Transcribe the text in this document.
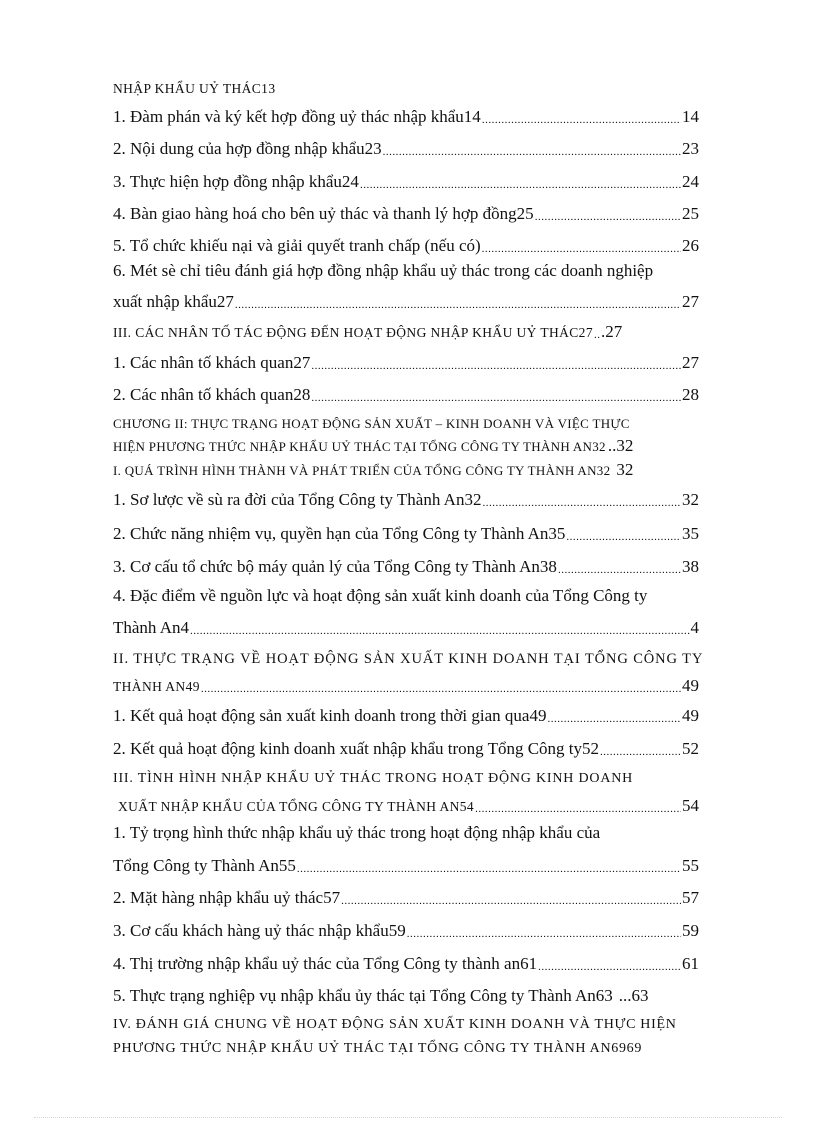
NHẬP KHẨU UỶ THÁC13
1. Đàm phán và ký kết hợp đồng uỷ thác nhập khẩu14 .....	14
2. Nội dung của hợp đồng nhập khẩu23 .....	23
3. Thực hiện hợp đồng nhập khẩu24 .....	24
4. Bàn giao hàng hoá cho bên uỷ thác và thanh lý hợp đồng25 .....	25
5. Tổ chức khiếu nại và giải quyết tranh chấp (nếu có) .....	26
6. Mét sè chỉ tiêu đánh giá hợp đồng nhập khẩu uỷ thác trong các doanh nghiệp
xuất nhập khẩu27 .....	27
III. CÁC NHÂN TỐ TÁC ĐỘNG ĐẾN HOẠT ĐỘNG NHẬP KHẨU UỶ THÁC27 ..... .27
1. Các nhân tố khách quan27 .....	27
2. Các nhân tố khách quan28 .....	28
CHƯƠNG II: THỰC TRẠNG HOẠT ĐỘNG SẢN XUẤT – KINH DOANH VÀ VIỆC THỰC
HIỆN PHƯƠNG THỨC NHẬP KHẨU UỶ THÁC TẠI TỔNG CÔNG TY THÀNH AN32 ..32
I. QUÁ TRÌNH HÌNH THÀNH VÀ PHÁT TRIỂN CỦA TỔNG CÔNG TY THÀNH AN32 32
1. Sơ lược về sù ra đời của Tổng Công ty Thành An32 .....	32
2. Chức năng nhiệm vụ, quyền hạn của Tổng Công ty Thành An35 .....	35
3. Cơ cấu tổ chức bộ máy quản lý của Tổng Công ty Thành An38 .....	38
4. Đặc điểm về nguồn lực và hoạt động sản xuất kinh doanh của Tổng Công ty
Thành An4 .....	4
II. THỰC TRẠNG VỀ HOẠT ĐỘNG SẢN XUẤT KINH DOANH TẠI TỔNG CÔNG TY
THÀNH AN49 .....	49
1. Kết quả hoạt động sản xuất kinh doanh trong thời gian qua49 .....	49
2. Kết quả hoạt động kinh doanh xuất nhập khẩu trong Tổng Công ty52 .....	52
III. TÌNH HÌNH NHẬP KHẨU UỶ THÁC TRONG HOẠT ĐỘNG KINH DOANH
XUẤT NHẬP KHẨU CỦA TỔNG CÔNG TY THÀNH AN54 .....	54
1. Tỷ trọng hình thức nhập khẩu uỷ thác trong hoạt động nhập khẩu của
Tổng Công ty Thành An55 .....	55
2. Mặt hàng nhập khẩu uỷ thác57 .....	57
3. Cơ cấu khách hàng uỷ thác nhập khẩu59 .....	59
4. Thị trường nhập khẩu uỷ thác của Tổng Công ty thành an61 .....	61
5. Thực trạng nghiệp vụ nhập khẩu ủy thác tại Tổng Công ty Thành An63 ...63
IV. ĐÁNH GIÁ CHUNG VỀ HOẠT ĐỘNG SẢN XUẤT KINH DOANH VÀ THỰC HIỆN
PHƯƠNG THỨC NHẬP KHẨU UỶ THÁC TẠI TỔNG CÔNG TY THÀNH AN6969
